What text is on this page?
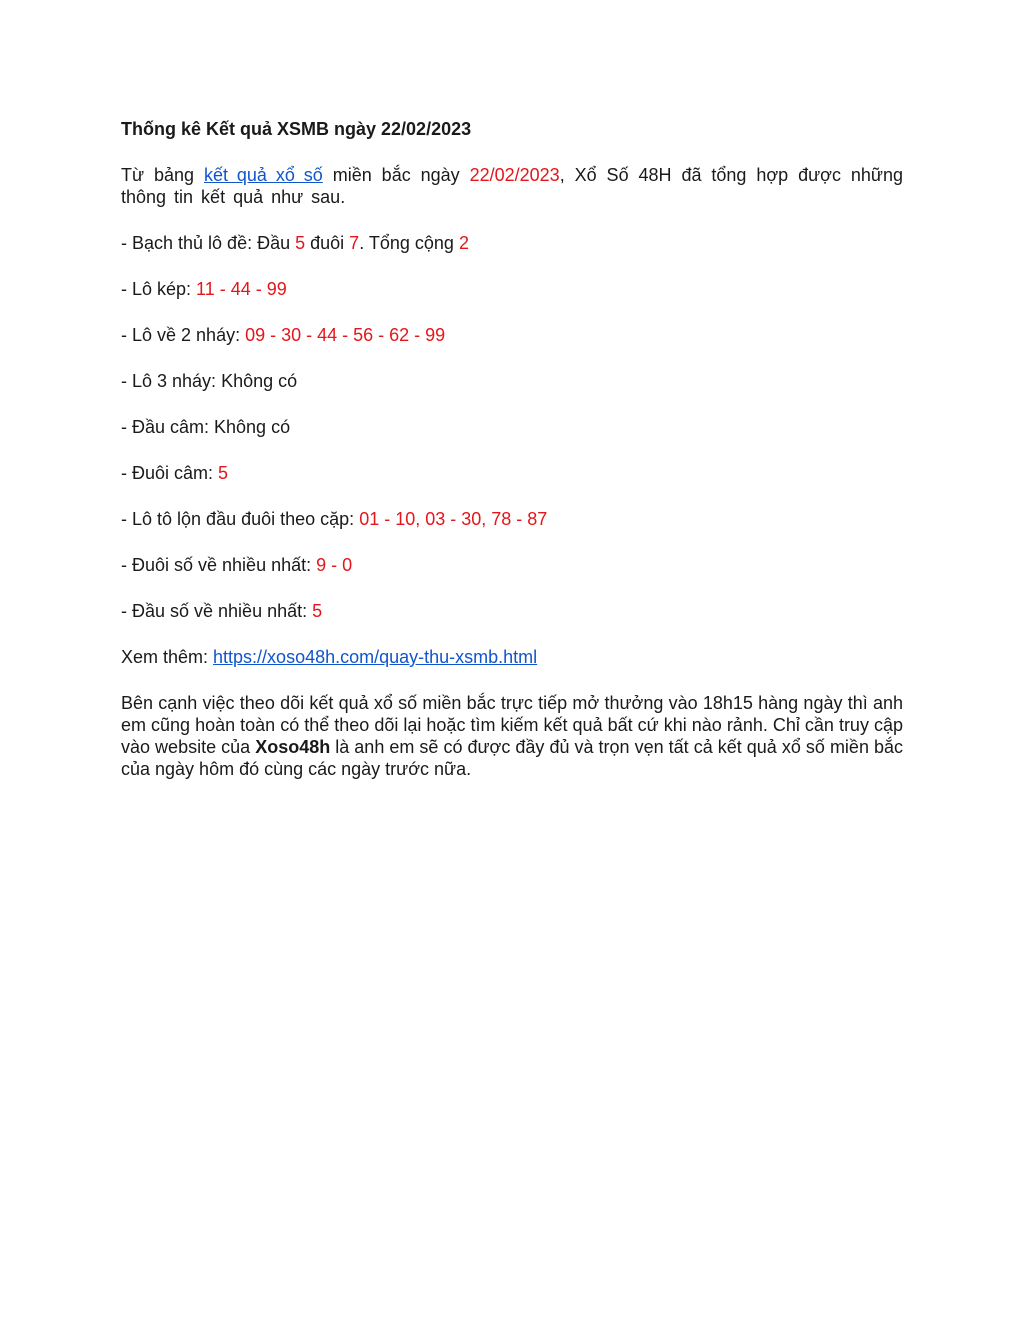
Thống kê Kết quả XSMB ngày 22/02/2023

Từ bảng kết quả xổ số miền bắc ngày 22/02/2023, Xổ Số 48H đã tổng hợp được những thông tin kết quả như sau.

- Bạch thủ lô đề: Đầu 5 đuôi 7. Tổng cộng 2

- Lô kép: 11 - 44 - 99

- Lô về 2 nháy: 09 - 30 - 44 - 56 - 62 - 99

- Lô 3 nháy: Không có

- Đầu câm: Không có

- Đuôi câm: 5

- Lô tô lộn đầu đuôi theo cặp: 01 - 10, 03 - 30, 78 - 87

- Đuôi số về nhiều nhất: 9 - 0

- Đầu số về nhiều nhất: 5

Xem thêm: https://xoso48h.com/quay-thu-xsmb.html

Bên cạnh việc theo dõi kết quả xổ số miền bắc trực tiếp mở thưởng vào 18h15 hàng ngày thì anh em cũng hoàn toàn có thể theo dõi lại hoặc tìm kiếm kết quả bất cứ khi nào rảnh. Chỉ cần truy cập vào website của Xoso48h là anh em sẽ có được đầy đủ và trọn vẹn tất cả kết quả xổ số miền bắc của ngày hôm đó cùng các ngày trước nữa.
